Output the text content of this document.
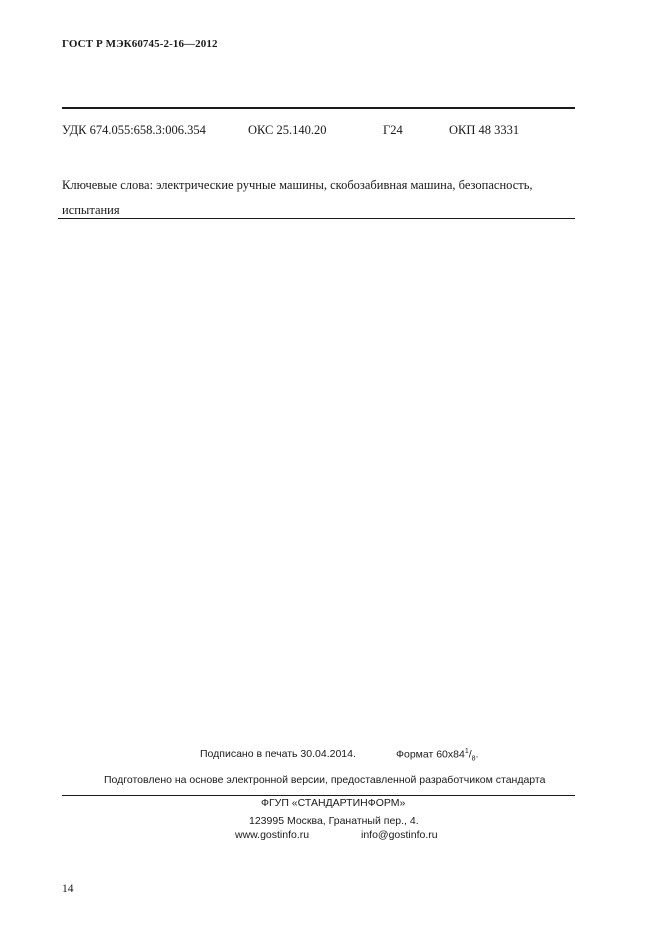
ГОСТ Р МЭК60745-2-16—2012
УДК 674.055:658.3:006.354	ОКС 25.140.20	Г24	ОКП 48 3331
Ключевые слова: электрические ручные машины, скобозабивная машина, безопасность, испытания
Подписано в печать 30.04.2014.	Формат $60x84^1/_8$.
Подготовлено на основе электронной версии, предоставленной разработчиком стандарта
ФГУП «СТАНДАРТИНФОРМ»
123995 Москва, Гранатный пер., 4.
www.gostinfo.ru	info@gostinfo.ru
14
